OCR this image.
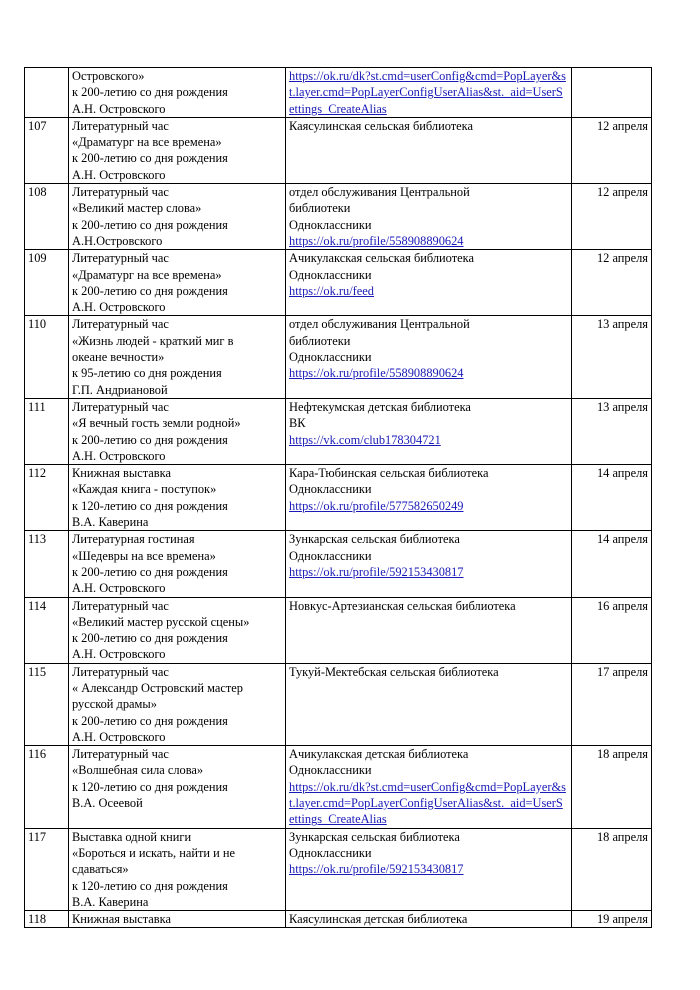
	Островского»
к 200-летию со дня рождения
А.Н. Островского	https://ok.ru/dk?st.cmd=userConfig&cmd=PopLayer&st.layer.cmd=PopLayerConfigUserAlias&st._aid=UserSettings_CreateAlias	

107	Литературный час
«Драматург на все времена»
к 200-летию со дня рождения
А.Н. Островского	Каясулинская сельская библиотека	12 апреля
108	Литературный час
«Великий мастер слова»
к 200-летию со дня рождения
А.Н.Островского	отдел обслуживания Центральной
библиотеки
Одноклассники
https://ok.ru/profile/558908890624	12 апреля
109	Литературный час
«Драматург на все времена»
к 200-летию со дня рождения
А.Н. Островского	Ачикулакская сельская библиотека
Одноклассники
https://ok.ru/feed	12 апреля
110	Литературный час
«Жизнь людей - краткий миг в
океане вечности»
к 95-летию со дня рождения
Г.П. Андриановой	отдел обслуживания Центральной
библиотеки
Одноклассники
https://ok.ru/profile/558908890624	13 апреля
111	Литературный час
«Я вечный гость земли родной»
к 200-летию со дня рождения
А.Н. Островского	Нефтекумская детская библиотека
ВК
https://vk.com/club178304721	13 апреля
112	Книжная выставка
«Каждая книга - поступок»
к 120-летию со дня рождения
В.А. Каверина	Кара-Тюбинская сельская библиотека
Одноклассники
https://ok.ru/profile/577582650249	14 апреля
113	Литературная гостиная
«Шедевры на все времена»
к 200-летию со дня рождения
А.Н. Островского	Зункарская сельская библиотека
Одноклассники
https://ok.ru/profile/592153430817	14 апреля
114	Литературный час
«Великий мастер русской сцены»
к 200-летию со дня рождения
А.Н. Островского	Новкус-Артезианская сельская библиотека	16 апреля
115	Литературный час
« Александр Островский мастер
русской драмы»
к 200-летию со дня рождения
А.Н. Островского	Тукуй-Мектебская сельская библиотека	17 апреля
116	Литературный час
«Волшебная сила слова»
к 120-летию со дня рождения
В.А. Осеевой	Ачикулакская детская библиотека
Одноклассники
https://ok.ru/dk?st.cmd=userConfig&cmd=PopLayer&st.layer.cmd=PopLayerConfigUserAlias&st._aid=UserSettings_CreateAlias	18 апреля
117	Выставка одной книги
«Бороться и искать, найти и не
сдаваться»
к 120-летию со дня рождения
В.А. Каверина	Зункарская сельская библиотека
Одноклассники
https://ok.ru/profile/592153430817	18 апреля
118	Книжная выставка	Каясулинская детская библиотека	19 апреля
